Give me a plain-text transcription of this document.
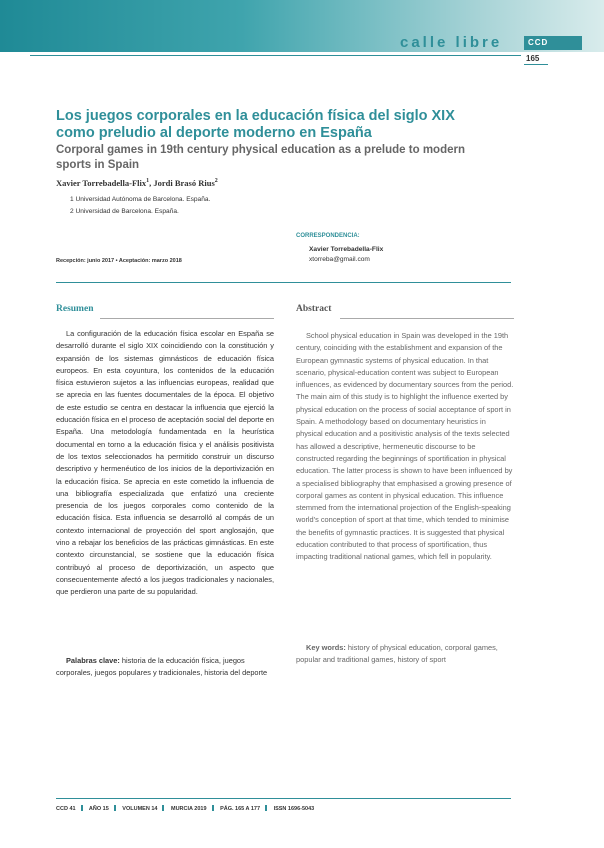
calle libre	CCD
165
Los juegos corporales en la educación física del siglo XIX como preludio al deporte moderno en España
Corporal games in 19th century physical education as a prelude to modern sports in Spain
Xavier Torrebadella-Flix$^1$, Jordi Brasó Rius$^2$
1 Universidad Autónoma de Barcelona. España.
2 Universidad de Barcelona. España.
CORRESPONDENCIA:
Xavier Torrebadella-Flix
xtorreba@gmail.com
Recepción: junio 2017 • Aceptación: marzo 2018
Resumen	Abstract

La configuración de la educación física escolar en España se desarrolló durante el siglo XIX coincidiendo con la constitución y expansión de los sistemas gimnásticos de educación física europeos. En esta coyuntura, los contenidos de la educación física estuvieron sujetos a las influencias europeas, realidad que se aprecia en las fuentes documentales de la época. El objetivo de este estudio se centra en destacar la influencia que ejerció la educación física en el proceso de aceptación social del deporte en España. Una metodología fundamentada en la heurística documental en torno a la educación física y el análisis positivista de los textos seleccionados ha permitido construir un discurso descriptivo y hermenéutico de los inicios de la deportivización en la educación física. Se aprecia en este cometido la influencia de una bibliografía especializada que enfatizó una creciente presencia de los juegos corporales como contenido de la educación física. Esta influencia se desarrolló al compás de un contexto internacional de proyección del sport anglosajón, que vino a rebajar los beneficios de las prácticas gimnásticas. En este contexto circunstancial, se sostiene que la educación física contribuyó al proceso de deportivización, un aspecto que consecuentemente afectó a los juegos tradicionales y nacionales, que perdieron una parte de su popularidad.

Palabras clave: historia de la educación física, juegos corporales, juegos populares y tradicionales, historia del deporte

School physical education in Spain was developed in the 19th century, coinciding with the establishment and expansion of the European gymnastic systems of physical education. In that scenario, physical-education content was subject to European influences, as evidenced by documentary sources from the period. The main aim of this study is to highlight the influence exerted by physical education on the process of social acceptance of sport in Spain. A methodology based on documentary heuristics in physical education and a positivistic analysis of the texts selected has allowed a descriptive, hermeneutic discourse to be constructed regarding the beginnings of sportification in physical education. The latter process is shown to have been influenced by a specialised bibliography that emphasised a growing presence of corporal games as content in physical education. This influence stemmed from the international projection of the English-speaking world's conception of sport at that time, which tended to minimise the benefits of gymnastic practices. It is suggested that physical education contributed to that process of sportification, thus impacting traditional national games, which fell in popularity.

Key words: history of physical education, corporal games, popular and traditional games, history of sport
CCD 41 AÑO 15 VOLUMEN 14 MURCIA 2019 PÁG. 165 A 177 ISSN 1696-5043
